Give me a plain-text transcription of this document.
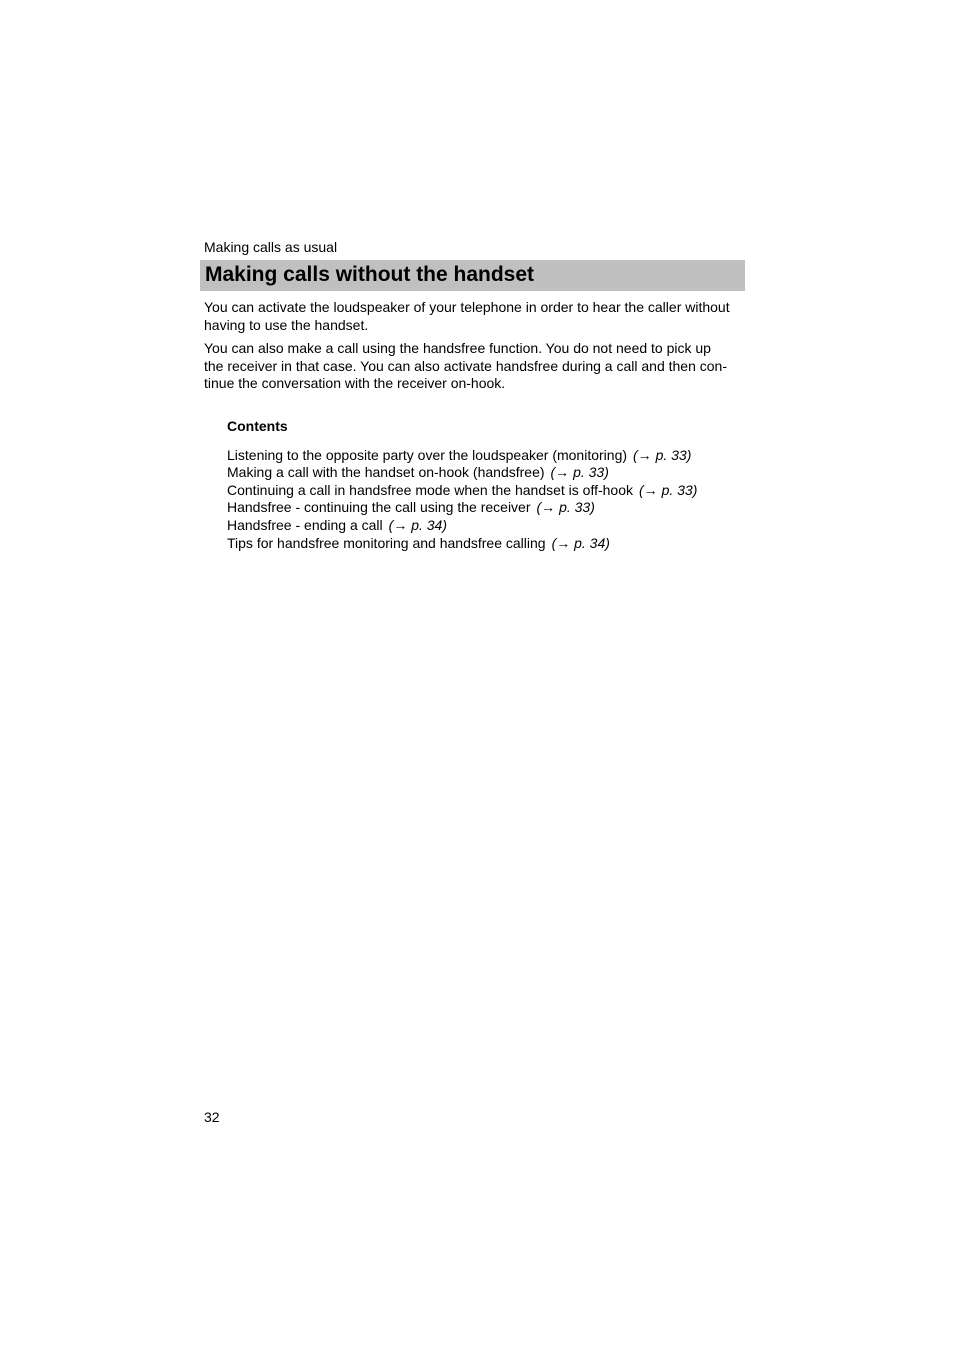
Making calls as usual
Making calls without the handset

You can activate the loudspeaker of your telephone in order to hear the caller without
having to use the handset.

You can also make a call using the handsfree function. You do not need to pick up
the receiver in that case. You can also activate handsfree during a call and then con-
tinue the conversation with the receiver on-hook.

Contents
Listening to the opposite party over the loudspeaker (monitoring) (→ p. 33)
Making a call with the handset on-hook (handsfree) (→ p. 33)
Continuing a call in handsfree mode when the handset is off-hook (→ p. 33)
Handsfree - continuing the call using the receiver (→ p. 33)
Handsfree - ending a call (→ p. 34)
Tips for handsfree monitoring and handsfree calling (→ p. 34)
32
